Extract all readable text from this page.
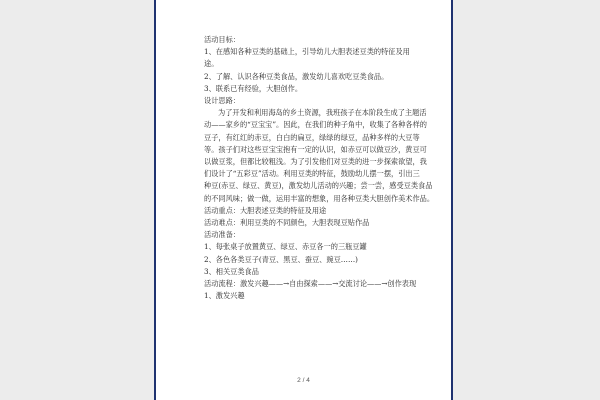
活动目标：

1、在感知各种豆类的基础上，引导幼儿大胆表述豆类的特征及用

途。

2、了解、认识各种豆类食品，激发幼儿喜欢吃豆类食品。

3、联系已有经验，大胆创作。

设计思路：

为了开发和利用海岛的乡土资源，我班孩子在本阶段生成了主题活

动——家乡的“豆宝宝”。因此，在我们的种子角中，收集了各种各样的

豆子，有红红的赤豆，白白的扁豆，绿绿的绿豆，品种多样的大豆等

等。孩子们对这些豆宝宝抱有一定的认识，如赤豆可以做豆沙，黄豆可

以做豆浆，但都比较粗浅。为了引发他们对豆类的进一步探索欲望，我

们设计了“五彩豆”活动。利用豆类的特征，鼓励幼儿摆一摆，引出三

种豆(赤豆、绿豆、黄豆)，激发幼儿活动的兴趣；尝一尝，感受豆类食品

的不同风味；做一做，运用丰富的想象，用各种豆类大胆创作美术作品。

活动重点：大胆表述豆类的特征及用途

活动难点：利用豆类的不同颜色，大胆表现豆贴作品

活动准备：

1、每张桌子放置黄豆、绿豆、赤豆各一的三瓶豆罐

2、各色各类豆子(青豆、黑豆、蚕豆、豌豆……)

3、相关豆类食品

活动流程：激发兴趣——→自由探索——→交流讨论——→创作表现

1、激发兴趣

2 / 4
